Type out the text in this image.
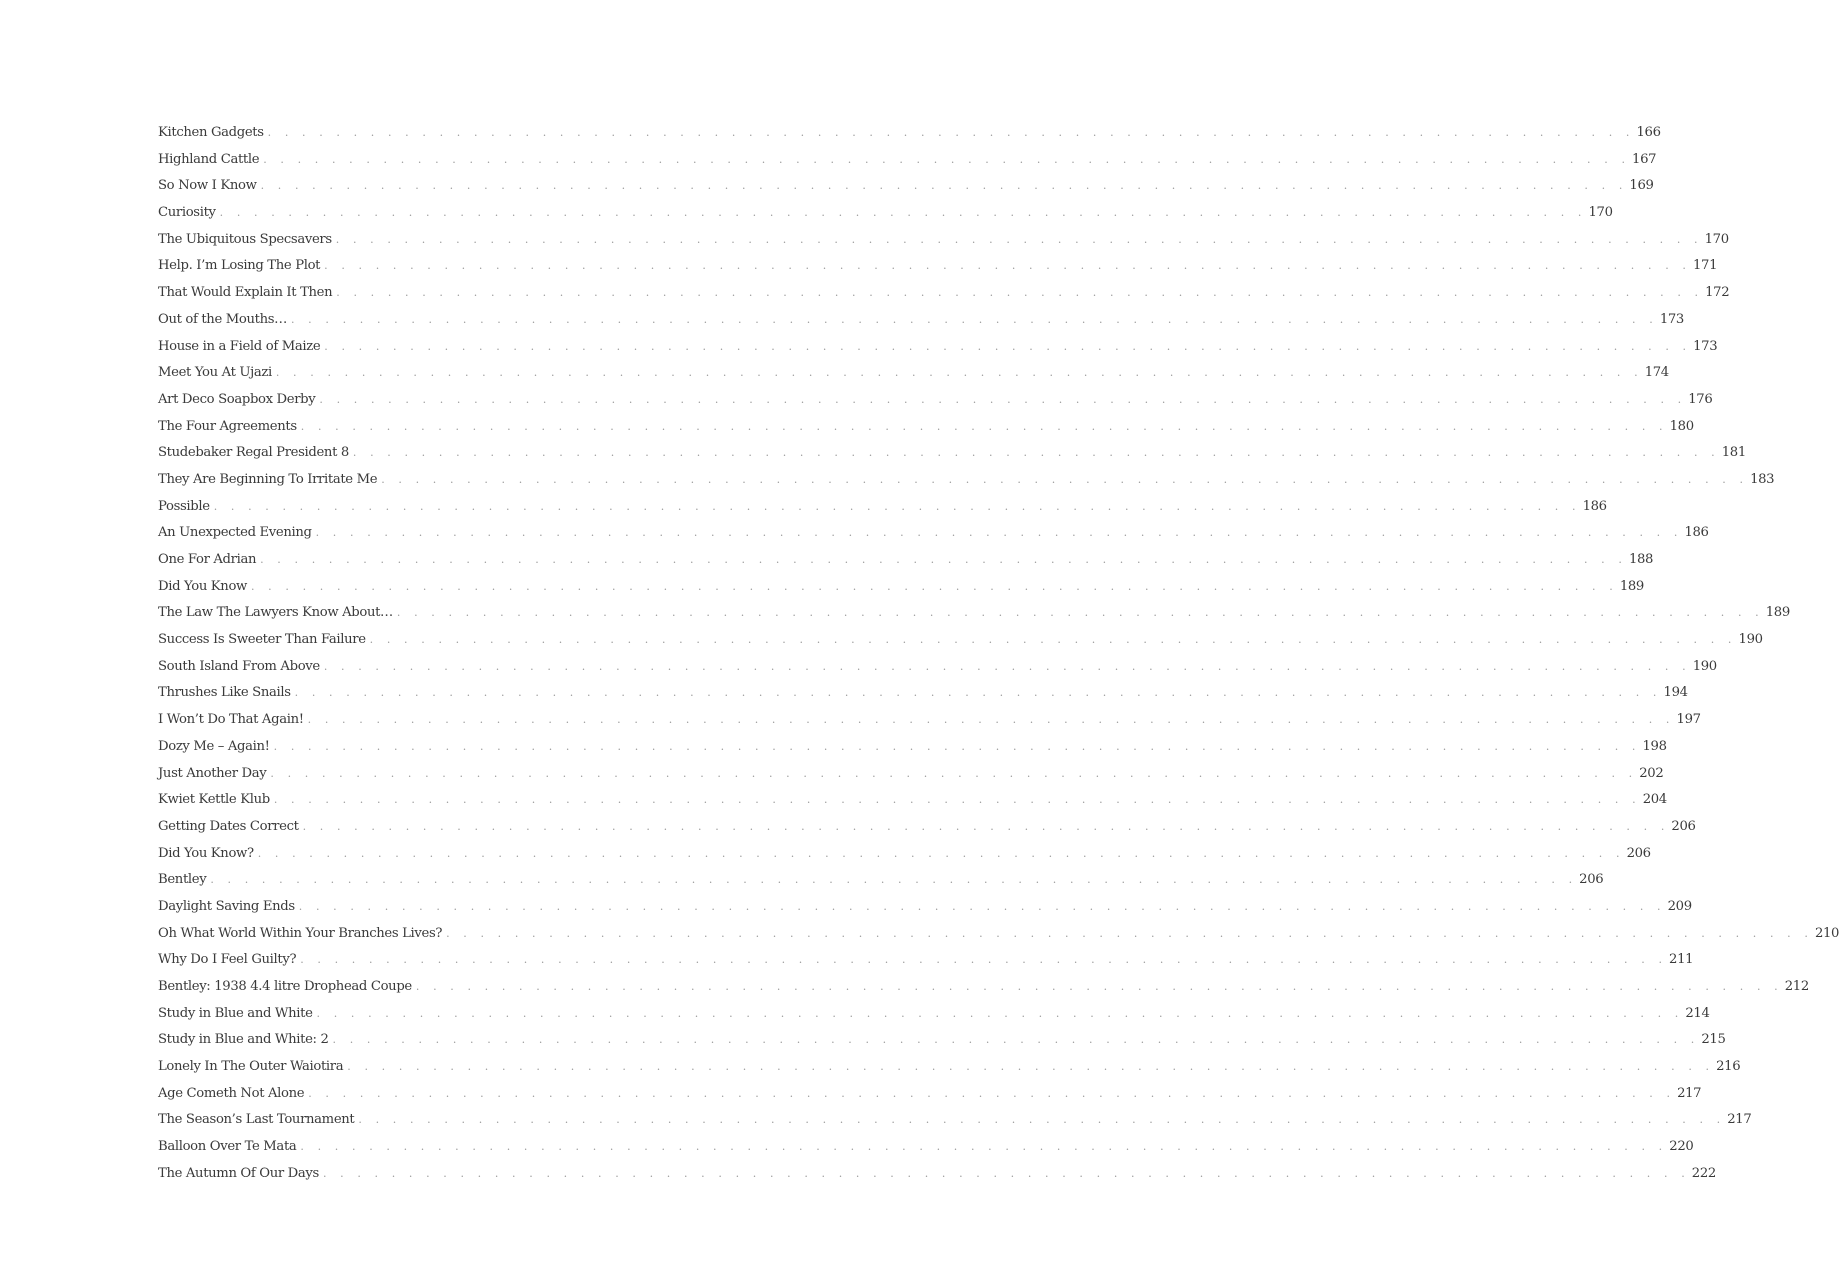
Kitchen Gadgets . . . . . . . . . . . . . . . . . . . . . . . . . . . . . . . . . . . . . . . . . . . . . . . . . . . . . . . . . . . . . . . . . . . . . . . . . . . . . . . . 166
Highland Cattle . . . . . . . . . . . . . . . . . . . . . . . . . . . . . . . . . . . . . . . . . . . . . . . . . . . . . . . . . . . . . . . . . . . . . . . . . . . . . . . . 167
So Now I Know . . . . . . . . . . . . . . . . . . . . . . . . . . . . . . . . . . . . . . . . . . . . . . . . . . . . . . . . . . . . . . . . . . . . . . . . . . . . . . . . 169
Curiosity . . . . . . . . . . . . . . . . . . . . . . . . . . . . . . . . . . . . . . . . . . . . . . . . . . . . . . . . . . . . . . . . . . . . . . . . . . . . . . . . 170
The Ubiquitous Specsavers . . . . . . . . . . . . . . . . . . . . . . . . . . . . . . . . . . . . . . . . . . . . . . . . . . . . . . . . . . . . . . . . . . . . . . . . . . . . . . . . 170
Help. I’m Losing The Plot . . . . . . . . . . . . . . . . . . . . . . . . . . . . . . . . . . . . . . . . . . . . . . . . . . . . . . . . . . . . . . . . . . . . . . . . . . . . . . . . 171
That Would Explain It Then . . . . . . . . . . . . . . . . . . . . . . . . . . . . . . . . . . . . . . . . . . . . . . . . . . . . . . . . . . . . . . . . . . . . . . . . . . . . . . . . 172
Out of the Mouths… . . . . . . . . . . . . . . . . . . . . . . . . . . . . . . . . . . . . . . . . . . . . . . . . . . . . . . . . . . . . . . . . . . . . . . . . . . . . . . . . 173
House in a Field of Maize . . . . . . . . . . . . . . . . . . . . . . . . . . . . . . . . . . . . . . . . . . . . . . . . . . . . . . . . . . . . . . . . . . . . . . . . . . . . . . . . 173
Meet You At Ujazi . . . . . . . . . . . . . . . . . . . . . . . . . . . . . . . . . . . . . . . . . . . . . . . . . . . . . . . . . . . . . . . . . . . . . . . . . . . . . . . . 174
Art Deco Soapbox Derby . . . . . . . . . . . . . . . . . . . . . . . . . . . . . . . . . . . . . . . . . . . . . . . . . . . . . . . . . . . . . . . . . . . . . . . . . . . . . . . . 176
The Four Agreements . . . . . . . . . . . . . . . . . . . . . . . . . . . . . . . . . . . . . . . . . . . . . . . . . . . . . . . . . . . . . . . . . . . . . . . . . . . . . . . . 180
Studebaker Regal President 8 . . . . . . . . . . . . . . . . . . . . . . . . . . . . . . . . . . . . . . . . . . . . . . . . . . . . . . . . . . . . . . . . . . . . . . . . . . . . . . . . 181
They Are Beginning To Irritate Me . . . . . . . . . . . . . . . . . . . . . . . . . . . . . . . . . . . . . . . . . . . . . . . . . . . . . . . . . . . . . . . . . . . . . . . . . . . . . . . . 183
Possible . . . . . . . . . . . . . . . . . . . . . . . . . . . . . . . . . . . . . . . . . . . . . . . . . . . . . . . . . . . . . . . . . . . . . . . . . . . . . . . . 186
An Unexpected Evening . . . . . . . . . . . . . . . . . . . . . . . . . . . . . . . . . . . . . . . . . . . . . . . . . . . . . . . . . . . . . . . . . . . . . . . . . . . . . . . . 186
One For Adrian . . . . . . . . . . . . . . . . . . . . . . . . . . . . . . . . . . . . . . . . . . . . . . . . . . . . . . . . . . . . . . . . . . . . . . . . . . . . . . . . 188
Did You Know . . . . . . . . . . . . . . . . . . . . . . . . . . . . . . . . . . . . . . . . . . . . . . . . . . . . . . . . . . . . . . . . . . . . . . . . . . . . . . . . 189
The Law The Lawyers Know About… . . . . . . . . . . . . . . . . . . . . . . . . . . . . . . . . . . . . . . . . . . . . . . . . . . . . . . . . . . . . . . . . . . . . . . . . . . . . . . . . 189
Success Is Sweeter Than Failure . . . . . . . . . . . . . . . . . . . . . . . . . . . . . . . . . . . . . . . . . . . . . . . . . . . . . . . . . . . . . . . . . . . . . . . . . . . . . . . . 190
South Island From Above . . . . . . . . . . . . . . . . . . . . . . . . . . . . . . . . . . . . . . . . . . . . . . . . . . . . . . . . . . . . . . . . . . . . . . . . . . . . . . . . 190
Thrushes Like Snails . . . . . . . . . . . . . . . . . . . . . . . . . . . . . . . . . . . . . . . . . . . . . . . . . . . . . . . . . . . . . . . . . . . . . . . . . . . . . . . . 194
I Won’t Do That Again! . . . . . . . . . . . . . . . . . . . . . . . . . . . . . . . . . . . . . . . . . . . . . . . . . . . . . . . . . . . . . . . . . . . . . . . . . . . . . . . . 197
Dozy Me – Again! . . . . . . . . . . . . . . . . . . . . . . . . . . . . . . . . . . . . . . . . . . . . . . . . . . . . . . . . . . . . . . . . . . . . . . . . . . . . . . . . 198
Just Another Day . . . . . . . . . . . . . . . . . . . . . . . . . . . . . . . . . . . . . . . . . . . . . . . . . . . . . . . . . . . . . . . . . . . . . . . . . . . . . . . . 202
Kwiet Kettle Klub . . . . . . . . . . . . . . . . . . . . . . . . . . . . . . . . . . . . . . . . . . . . . . . . . . . . . . . . . . . . . . . . . . . . . . . . . . . . . . . . 204
Getting Dates Correct . . . . . . . . . . . . . . . . . . . . . . . . . . . . . . . . . . . . . . . . . . . . . . . . . . . . . . . . . . . . . . . . . . . . . . . . . . . . . . . . 206
Did You Know? . . . . . . . . . . . . . . . . . . . . . . . . . . . . . . . . . . . . . . . . . . . . . . . . . . . . . . . . . . . . . . . . . . . . . . . . . . . . . . . . 206
Bentley . . . . . . . . . . . . . . . . . . . . . . . . . . . . . . . . . . . . . . . . . . . . . . . . . . . . . . . . . . . . . . . . . . . . . . . . . . . . . . . . 206
Daylight Saving Ends . . . . . . . . . . . . . . . . . . . . . . . . . . . . . . . . . . . . . . . . . . . . . . . . . . . . . . . . . . . . . . . . . . . . . . . . . . . . . . . . 209
Oh What World Within Your Branches Lives? . . . . . . . . . . . . . . . . . . . . . . . . . . . . . . . . . . . . . . . . . . . . . . . . . . . . . . . . . . . . . . . . . . . . . . . . . . . . . . . . 210
Why Do I Feel Guilty? . . . . . . . . . . . . . . . . . . . . . . . . . . . . . . . . . . . . . . . . . . . . . . . . . . . . . . . . . . . . . . . . . . . . . . . . . . . . . . . . 211
Bentley: 1938 4.4 litre Drophead Coupe . . . . . . . . . . . . . . . . . . . . . . . . . . . . . . . . . . . . . . . . . . . . . . . . . . . . . . . . . . . . . . . . . . . . . . . . . . . . . . . . 212
Study in Blue and White . . . . . . . . . . . . . . . . . . . . . . . . . . . . . . . . . . . . . . . . . . . . . . . . . . . . . . . . . . . . . . . . . . . . . . . . . . . . . . . . 214
Study in Blue and White: 2 . . . . . . . . . . . . . . . . . . . . . . . . . . . . . . . . . . . . . . . . . . . . . . . . . . . . . . . . . . . . . . . . . . . . . . . . . . . . . . . . 215
Lonely In The Outer Waiotira . . . . . . . . . . . . . . . . . . . . . . . . . . . . . . . . . . . . . . . . . . . . . . . . . . . . . . . . . . . . . . . . . . . . . . . . . . . . . . . . 216
Age Cometh Not Alone . . . . . . . . . . . . . . . . . . . . . . . . . . . . . . . . . . . . . . . . . . . . . . . . . . . . . . . . . . . . . . . . . . . . . . . . . . . . . . . . 217
The Season’s Last Tournament . . . . . . . . . . . . . . . . . . . . . . . . . . . . . . . . . . . . . . . . . . . . . . . . . . . . . . . . . . . . . . . . . . . . . . . . . . . . . . . . 217
Balloon Over Te Mata . . . . . . . . . . . . . . . . . . . . . . . . . . . . . . . . . . . . . . . . . . . . . . . . . . . . . . . . . . . . . . . . . . . . . . . . . . . . . . . . 220
The Autumn Of Our Days . . . . . . . . . . . . . . . . . . . . . . . . . . . . . . . . . . . . . . . . . . . . . . . . . . . . . . . . . . . . . . . . . . . . . . . . . . . . . . . . 222
